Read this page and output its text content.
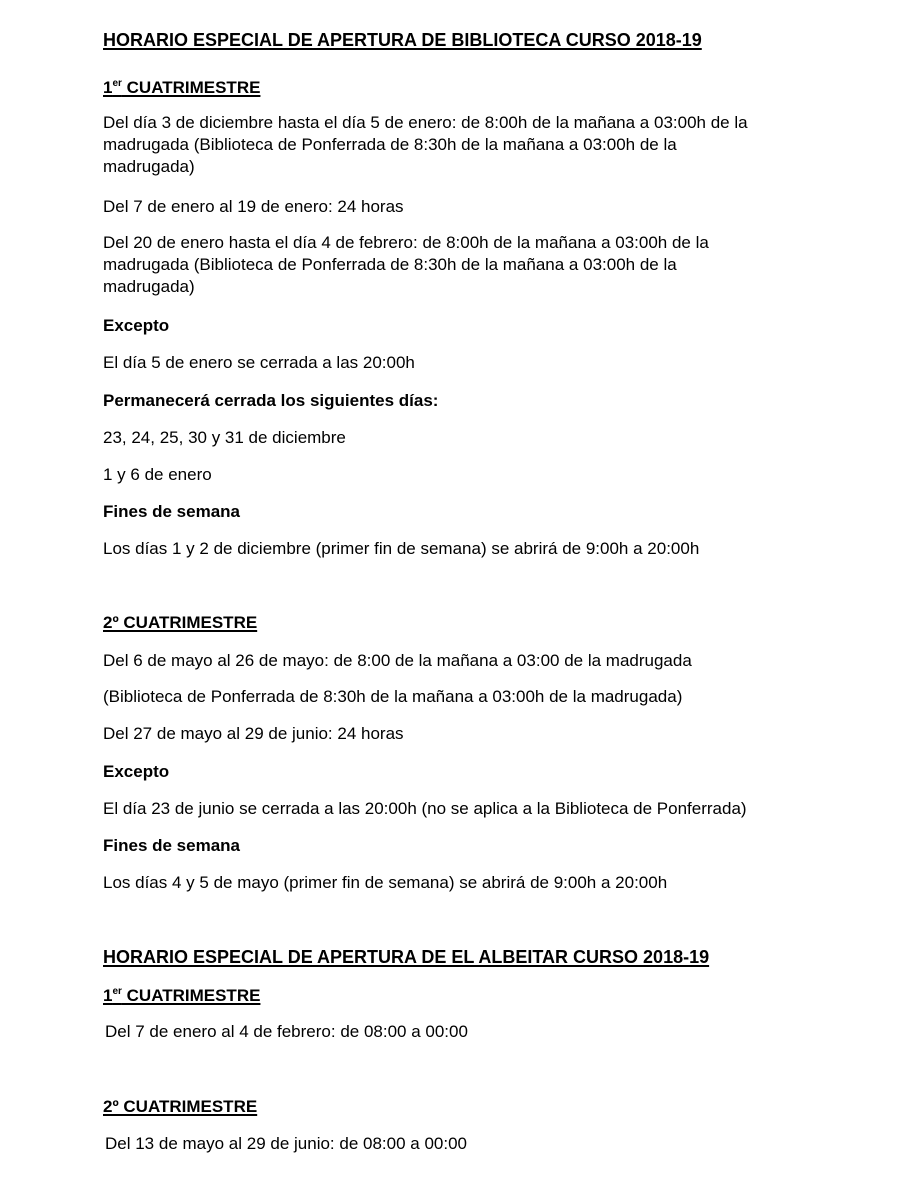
HORARIO ESPECIAL DE APERTURA DE BIBLIOTECA CURSO 2018-19
1er CUATRIMESTRE

Del día 3 de diciembre hasta el día 5 de enero: de 8:00h de la mañana a 03:00h de la
madrugada (Biblioteca de Ponferrada de 8:30h de la mañana a 03:00h de la
madrugada)

Del 7 de enero al 19 de enero: 24 horas

Del 20 de enero hasta el día 4 de febrero: de 8:00h de la mañana a 03:00h de la
madrugada (Biblioteca de Ponferrada de 8:30h de la mañana a 03:00h de la
madrugada)

Excepto

El día 5 de enero se cerrada a las 20:00h

Permanecerá cerrada los siguientes días:

23, 24, 25, 30 y 31 de diciembre

1 y 6 de enero

Fines de semana

Los días 1 y 2 de diciembre (primer fin de semana) se abrirá de 9:00h a 20:00h

2º CUATRIMESTRE

Del 6 de mayo al 26 de mayo: de 8:00 de la mañana a 03:00 de la madrugada

(Biblioteca de Ponferrada de 8:30h de la mañana a 03:00h de la madrugada)

Del 27 de mayo al 29 de junio: 24 horas

Excepto

El día 23 de junio se cerrada a las 20:00h (no se aplica a la Biblioteca de Ponferrada)

Fines de semana

Los días 4 y 5 de mayo (primer fin de semana) se abrirá de 9:00h a 20:00h

HORARIO ESPECIAL DE APERTURA DE EL ALBEITAR CURSO 2018-19
1er CUATRIMESTRE

Del 7 de enero al 4 de febrero: de 08:00 a 00:00

2º CUATRIMESTRE

Del 13 de mayo al 29 de junio: de 08:00 a 00:00
